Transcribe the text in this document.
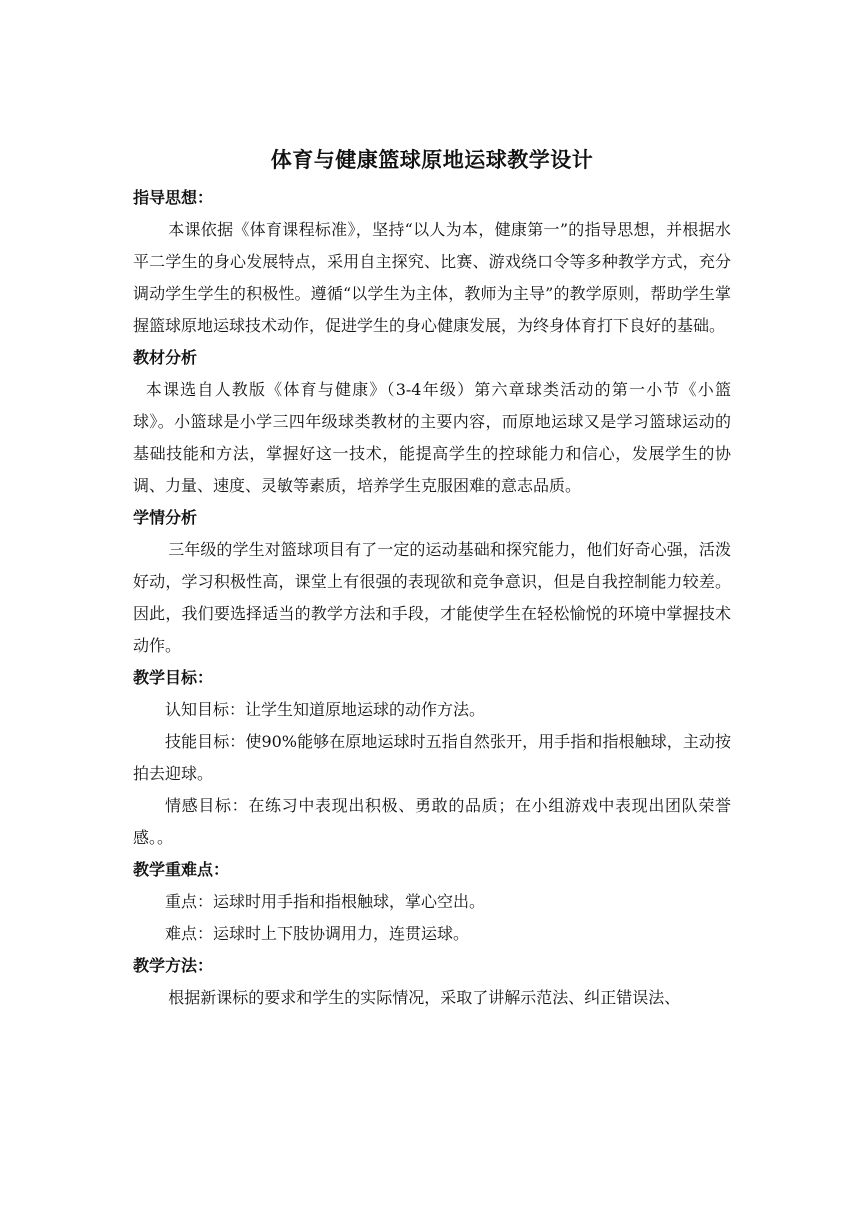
体育与健康篮球原地运球教学设计
指导思想：

本课依据《体育课程标准》，坚持“以人为本，健康第一”的指导思想，并根据水平二学生的身心发展特点，采用自主探究、比赛、游戏绕口令等多种教学方式，充分调动学生学生的积极性。遵循“以学生为主体，教师为主导”的教学原则，帮助学生掌握篮球原地运球技术动作，促进学生的身心健康发展，为终身体育打下良好的基础。

教材分析

本课选自人教版《体育与健康》（3-4年级）第六章球类活动的第一小节《小篮球》。小篮球是小学三四年级球类教材的主要内容，而原地运球又是学习篮球运动的基础技能和方法，掌握好这一技术，能提高学生的控球能力和信心，发展学生的协调、力量、速度、灵敏等素质，培养学生克服困难的意志品质。

学情分析

三年级的学生对篮球项目有了一定的运动基础和探究能力，他们好奇心强，活泼好动，学习积极性高，课堂上有很强的表现欲和竞争意识，但是自我控制能力较差。 因此，我们要选择适当的教学方法和手段，才能使学生在轻松愉悦的环境中掌握技术动作。

教学目标：

认知目标：让学生知道原地运球的动作方法。

技能目标：使90%能够在原地运球时五指自然张开，用手指和指根触球，主动按拍去迎球。

情感目标：在练习中表现出积极、勇敢的品质；在小组游戏中表现出团队荣誉感。。

教学重难点：

重点：运球时用手指和指根触球，掌心空出。

难点：运球时上下肢协调用力，连贯运球。

教学方法：

根据新课标的要求和学生的实际情况，采取了讲解示范法、纠正错误法、
